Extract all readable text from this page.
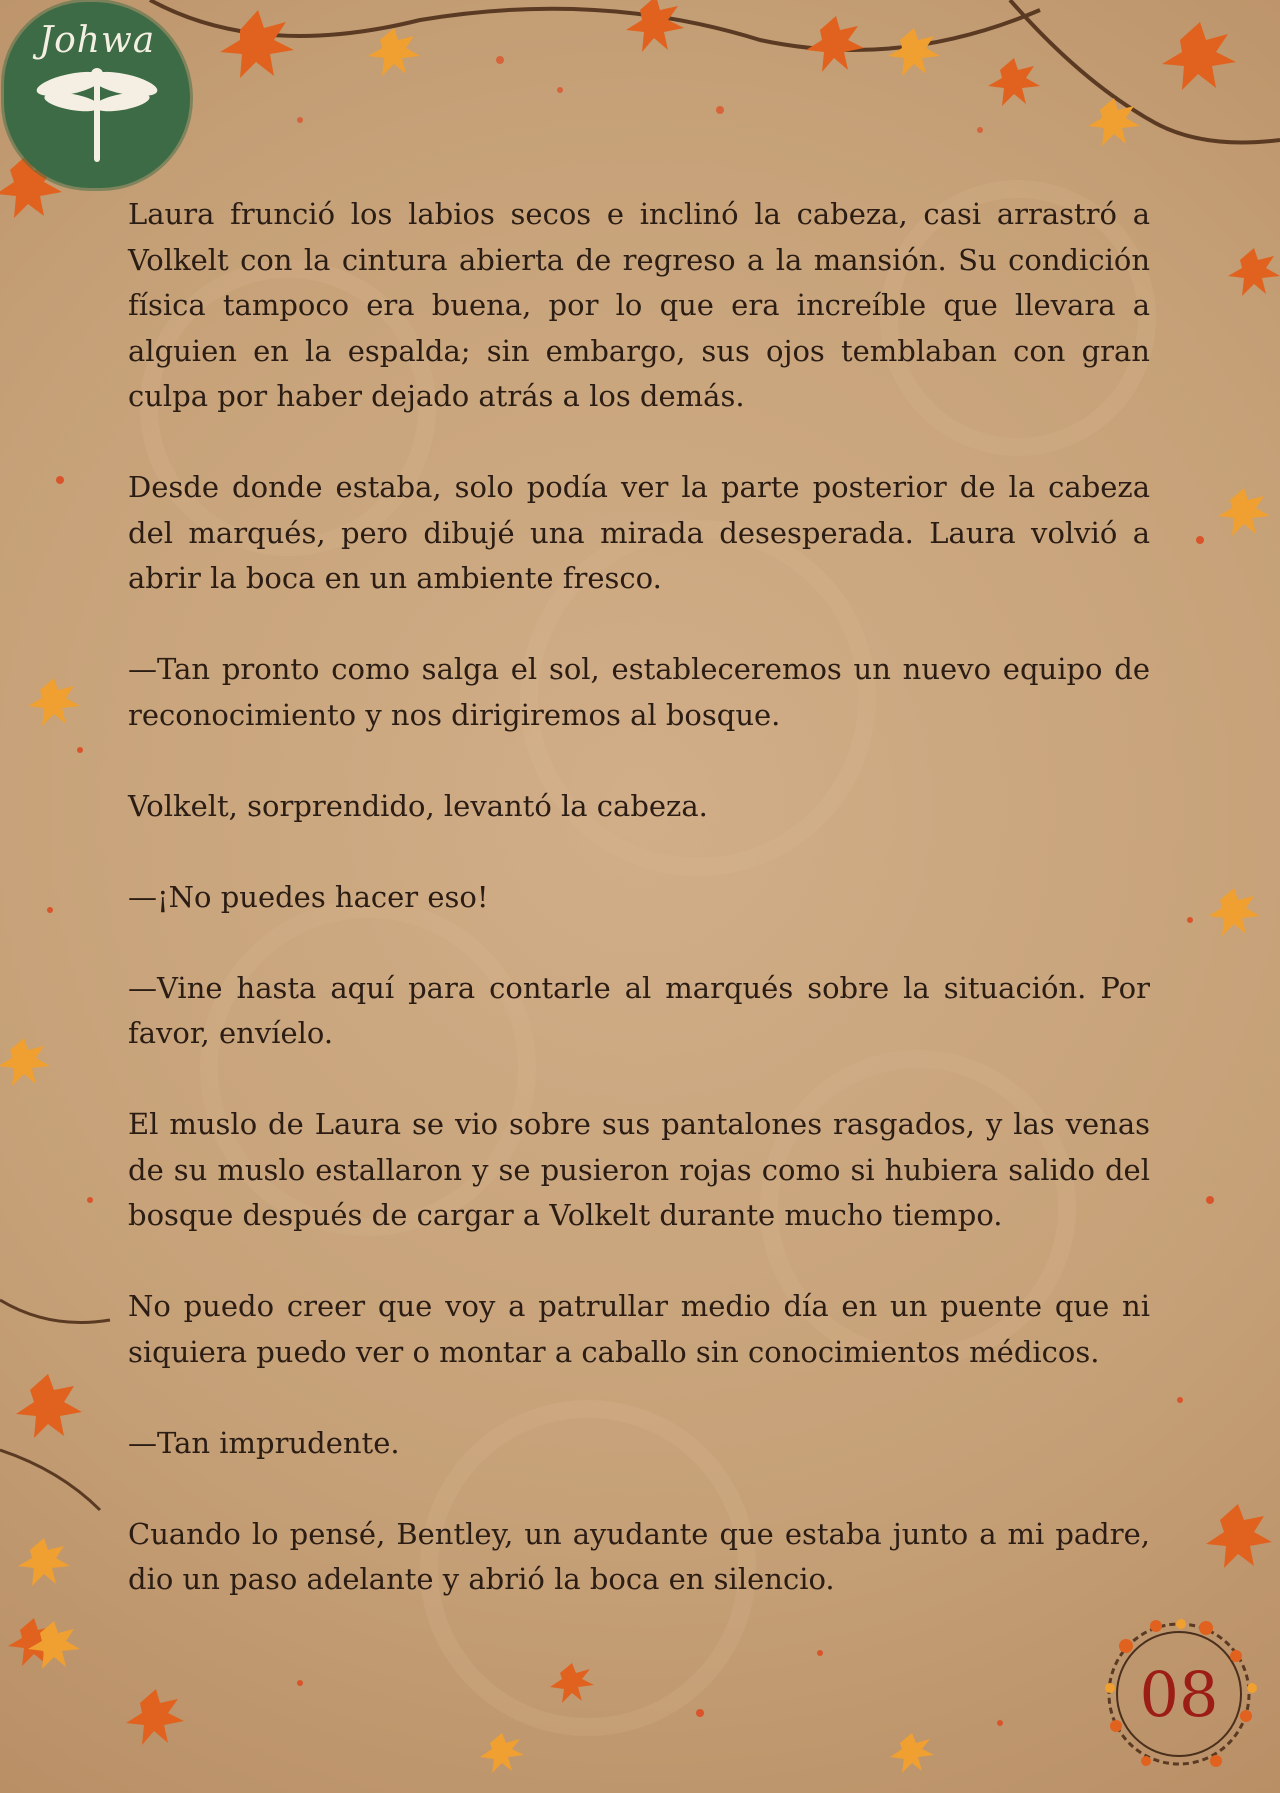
Johwa

Laura frunció los labios secos e inclinó la cabeza, casi arrastró a Volkelt con la cintura abierta de regreso a la mansión. Su condición física tampoco era buena, por lo que era increíble que llevara a alguien en la espalda; sin embargo, sus ojos temblaban con gran culpa por haber dejado atrás a los demás.

Desde donde estaba, solo podía ver la parte posterior de la cabeza del marqués, pero dibujé una mirada desesperada. Laura volvió a abrir la boca en un ambiente fresco.

—Tan pronto como salga el sol, estableceremos un nuevo equipo de reconocimiento y nos dirigiremos al bosque.

Volkelt, sorprendido, levantó la cabeza.

—¡No puedes hacer eso!

—Vine hasta aquí para contarle al marqués sobre la situación. Por favor, envíelo.

El muslo de Laura se vio sobre sus pantalones rasgados, y las venas de su muslo estallaron y se pusieron rojas como si hubiera salido del bosque después de cargar a Volkelt durante mucho tiempo.

No puedo creer que voy a patrullar medio día en un puente que ni siquiera puedo ver o montar a caballo sin conocimientos médicos.

—Tan imprudente.

Cuando lo pensé, Bentley, un ayudante que estaba junto a mi padre, dio un paso adelante y abrió la boca en silencio.

08
